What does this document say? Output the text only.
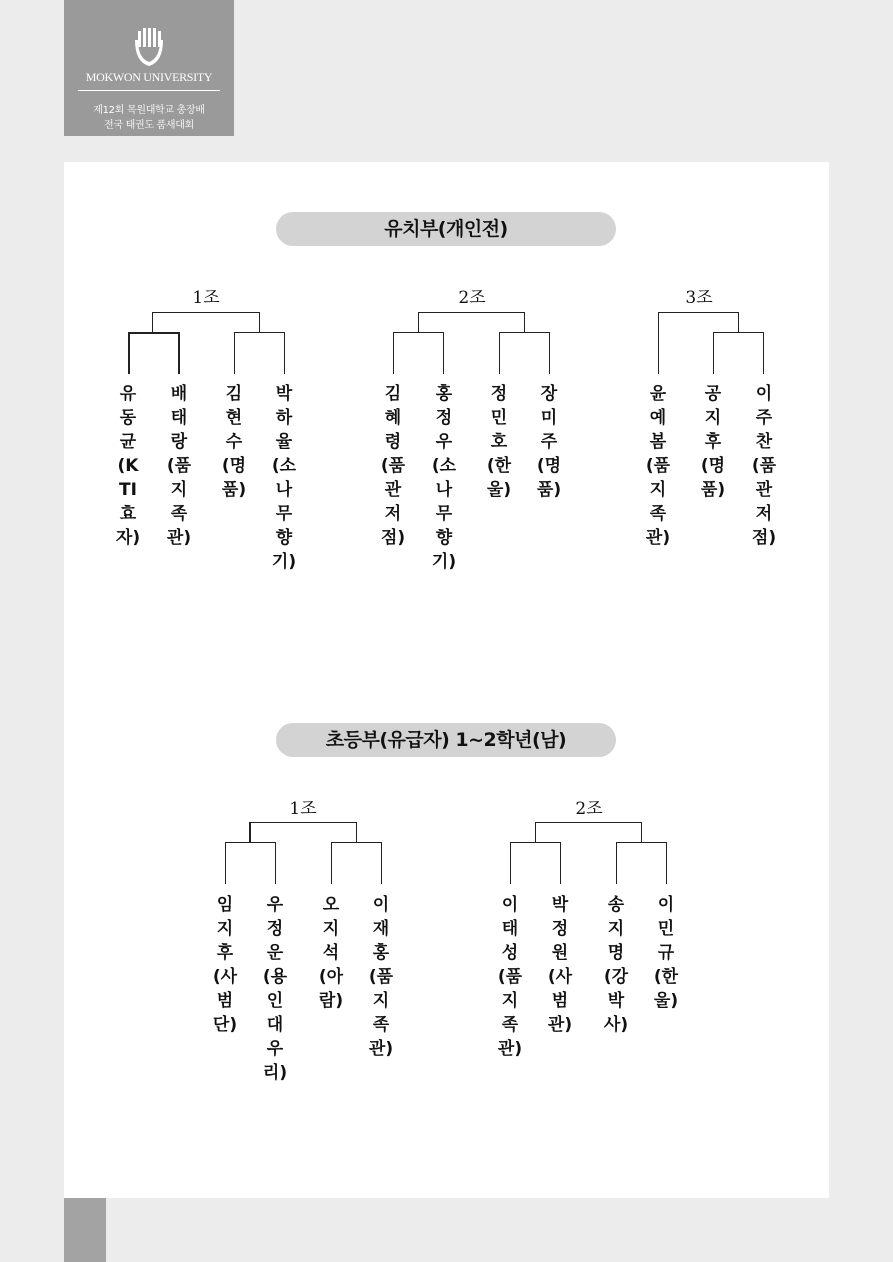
MOKWON UNIVERSITY
제12회 목원대학교 총장배
전국 태권도 품새대회
유치부(개인전)
1조	2조	3조
유동균(KTI효자)
배태랑(품지족관)
김현수(명품)
박하율(소나무향기)
김혜령(품관저점)
홍정우(소나무향기)
정민호(한울)
장미주(명품)
윤예봄(품지족관)
공지후(명품)
이주찬(품관저점)
초등부(유급자) 1~2학년(남)
1조	2조
임지후(사범단)
우정운(용인대우리)
오지석(아람)
이재홍(품지족관)
이태성(품지족관)
박정원(사범관)
송지명(강박사)
이민규(한울)
